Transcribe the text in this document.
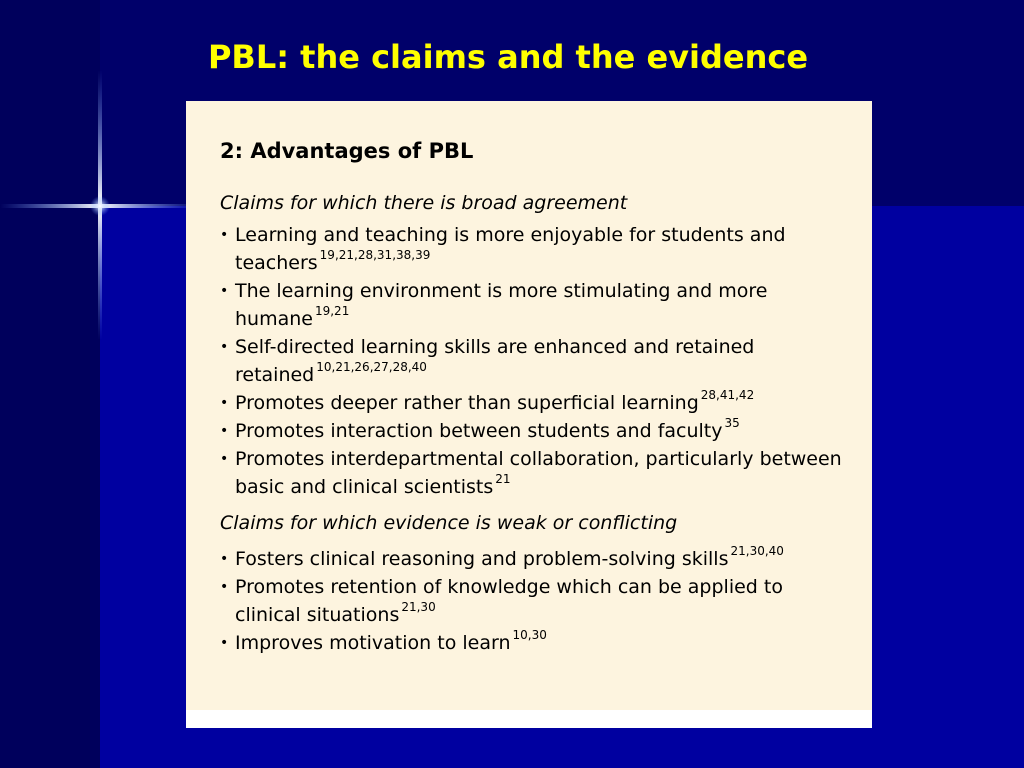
PBL: the claims and the evidence
2: Advantages of PBL
Claims for which there is broad agreement
• Learning and teaching is more enjoyable for students and teachers $^{19,21,28,31,38,39}$
• The learning environment is more stimulating and more humane $^{19,21}$
• Self-directed learning skills are enhanced and retained retained $^{10,21,26,27,28,40}$
• Promotes deeper rather than superficial learning $^{28,41,42}$
• Promotes interaction between students and faculty $^{35}$
• Promotes interdepartmental collaboration, particularly between basic and clinical scientists $^{21}$
Claims for which evidence is weak or conflicting
• Fosters clinical reasoning and problem-solving skills $^{21,30,40}$
• Promotes retention of knowledge which can be applied to clinical situations $^{21,30}$
• Improves motivation to learn $^{10,30}$
